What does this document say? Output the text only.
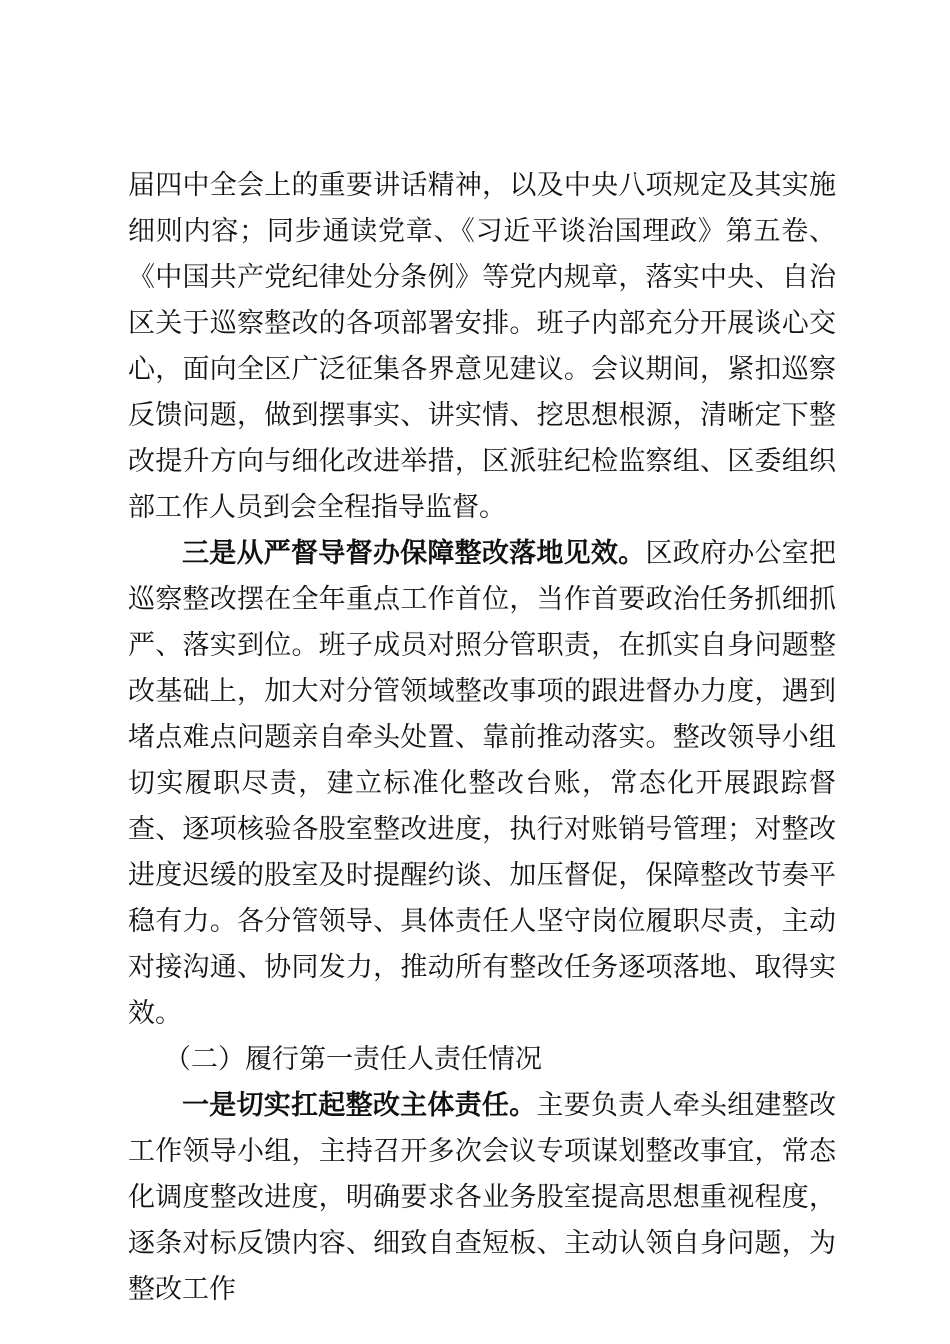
届四中全会上的重要讲话精神，以及中央八项规定及其实施细则内容；同步通读党章、《习近平谈治国理政》第五卷、《中国共产党纪律处分条例》等党内规章，落实中央、自治区关于巡察整改的各项部署安排。班子内部充分开展谈心交心，面向全区广泛征集各界意见建议。会议期间，紧扣巡察反馈问题，做到摆事实、讲实情、挖思想根源，清晰定下整改提升方向与细化改进举措，区派驻纪检监察组、区委组织部工作人员到会全程指导监督。

三是从严督导督办保障整改落地见效。区政府办公室把巡察整改摆在全年重点工作首位，当作首要政治任务抓细抓严、落实到位。班子成员对照分管职责，在抓实自身问题整改基础上，加大对分管领域整改事项的跟进督办力度，遇到堵点难点问题亲自牵头处置、靠前推动落实。整改领导小组切实履职尽责，建立标准化整改台账，常态化开展跟踪督查、逐项核验各股室整改进度，执行对账销号管理；对整改进度迟缓的股室及时提醒约谈、加压督促，保障整改节奏平稳有力。各分管领导、具体责任人坚守岗位履职尽责，主动对接沟通、协同发力，推动所有整改任务逐项落地、取得实效。

（二）履行第一责任人责任情况

一是切实扛起整改主体责任。主要负责人牵头组建整改工作领导小组，主持召开多次会议专项谋划整改事宜，常态化调度整改进度，明确要求各业务股室提高思想重视程度，逐条对标反馈内容、细致自查短板、主动认领自身问题，为整改工作
